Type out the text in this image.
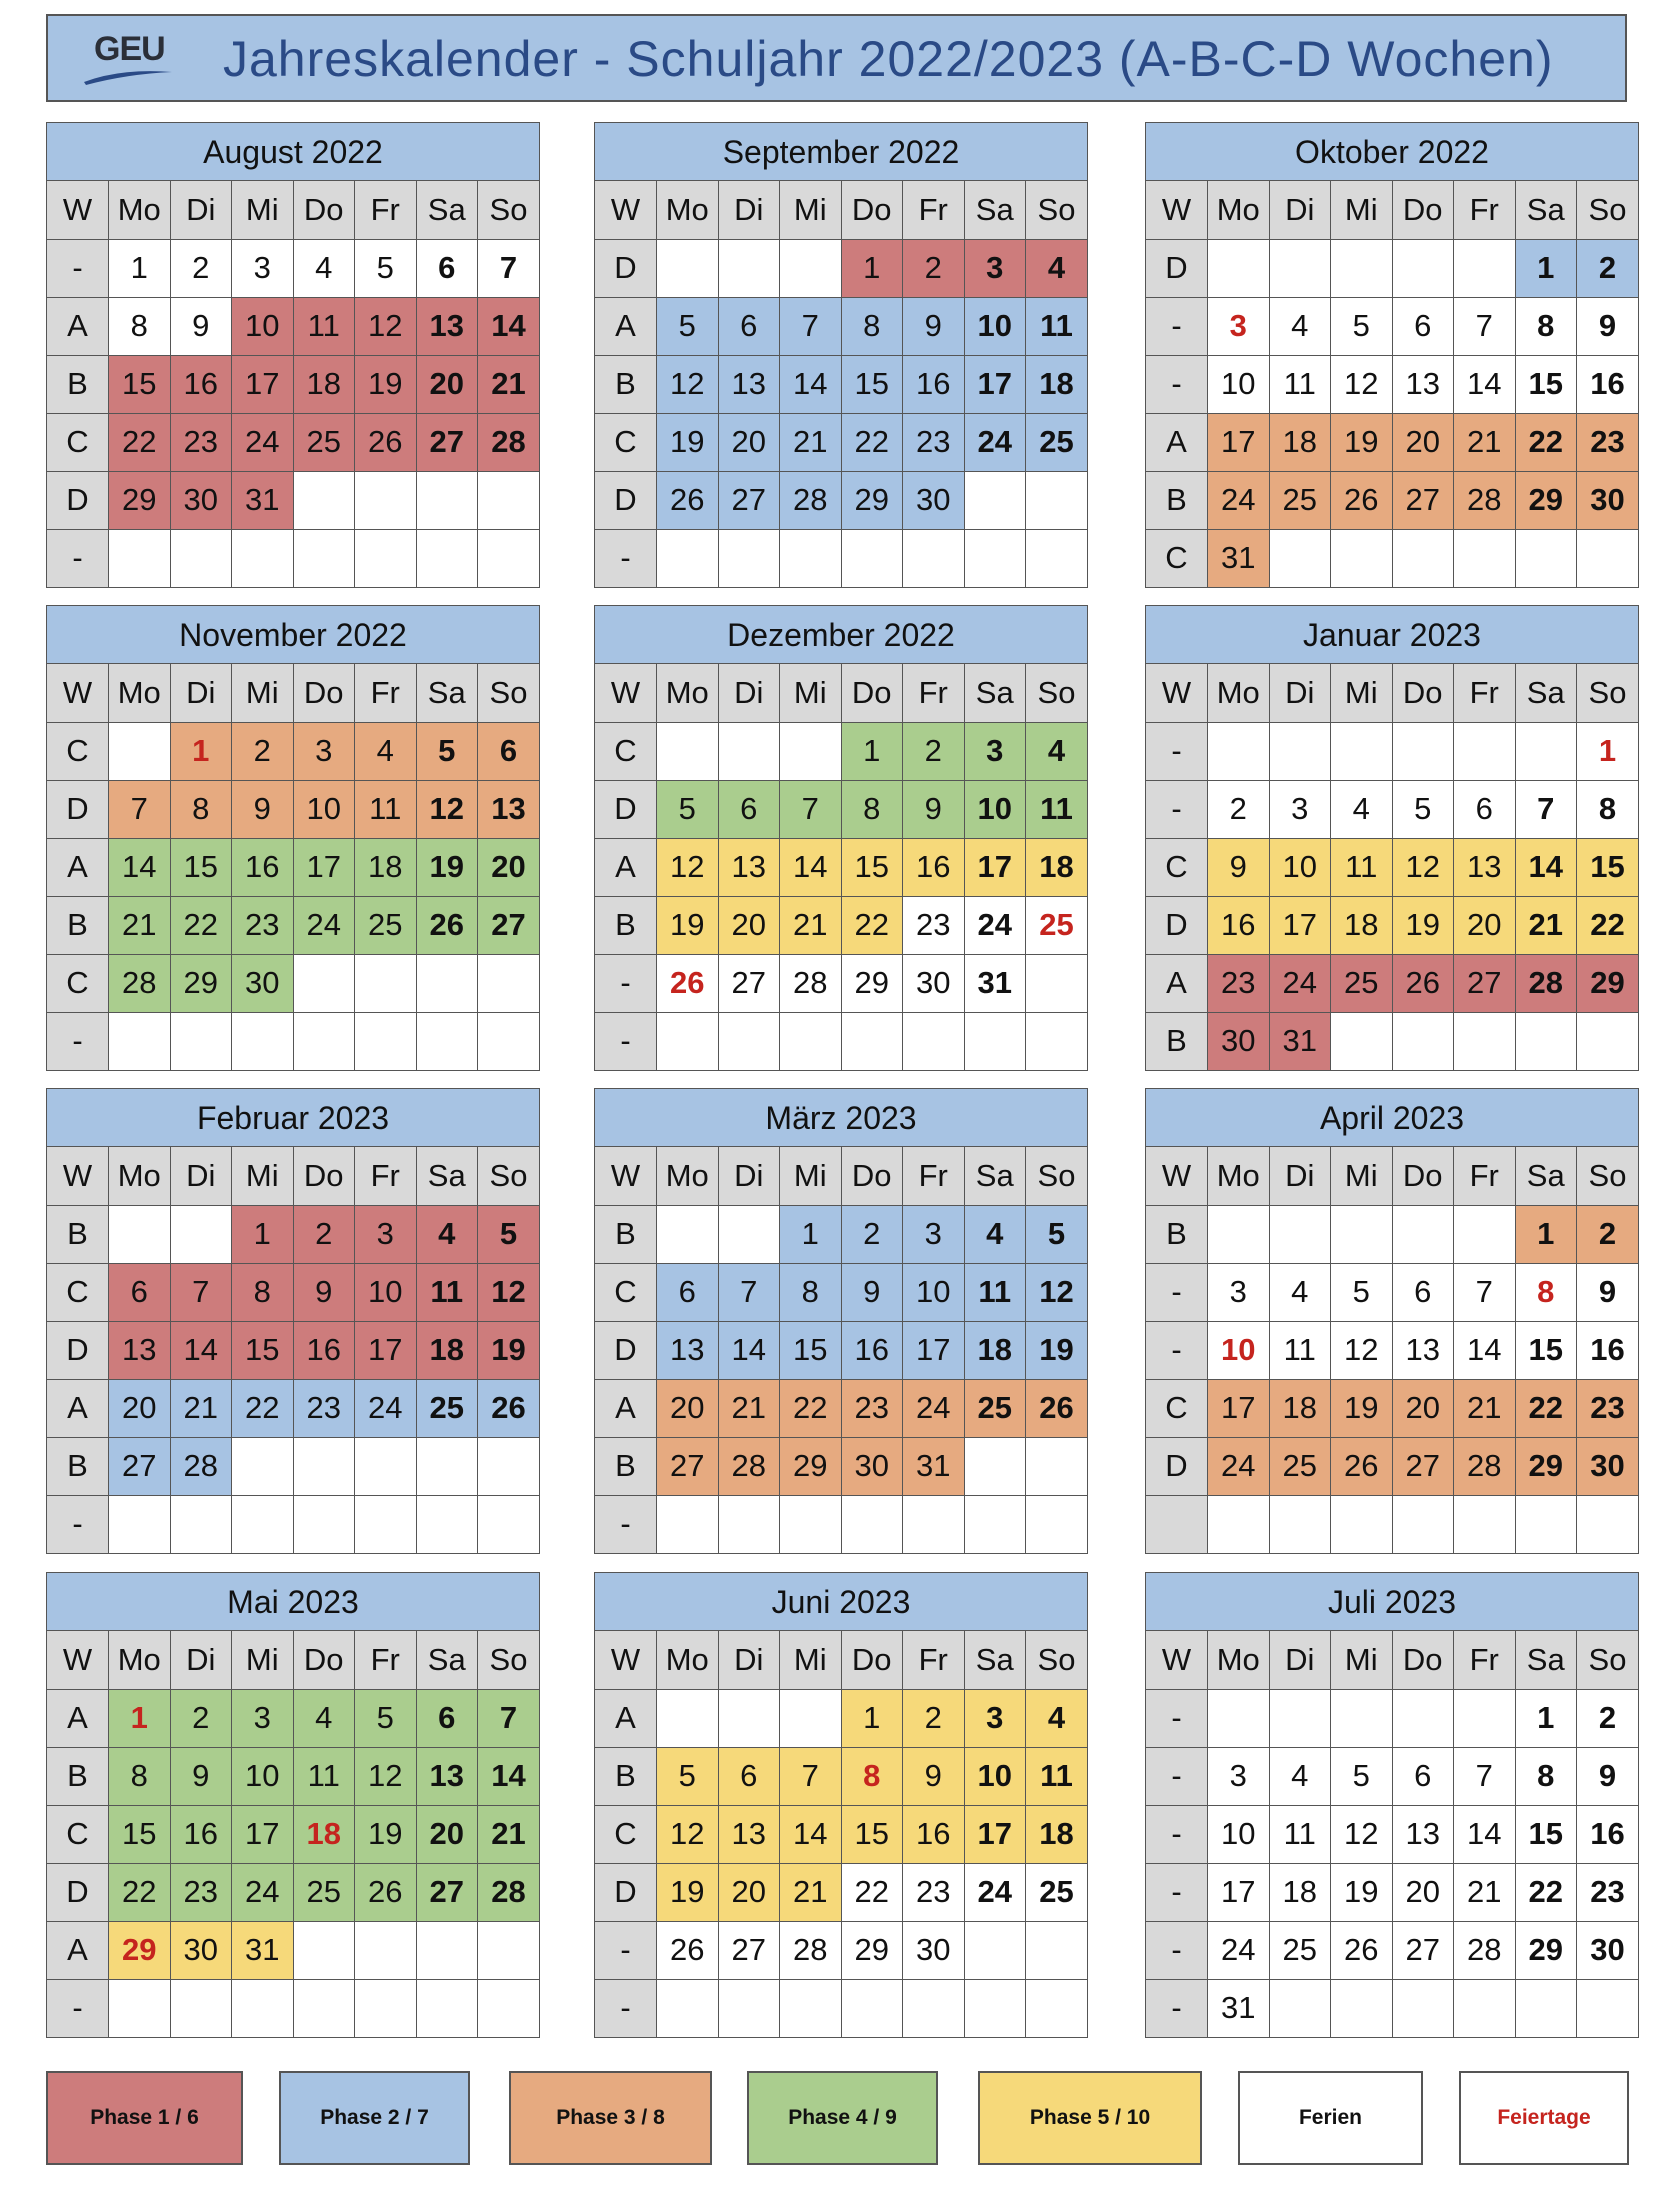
GEU Jahreskalender - Schuljahr 2022/2023 (A-B-C-D Wochen)
August 2022
W	Mo	Di	Mi	Do	Fr	Sa	So
-	1	2	3	4	5	6	7
A	8	9	10	11	12	13	14
B	15	16	17	18	19	20	21
C	22	23	24	25	26	27	28
D	29	30	31				
-							
September 2022
W	Mo	Di	Mi	Do	Fr	Sa	So
D				1	2	3	4
A	5	6	7	8	9	10	11
B	12	13	14	15	16	17	18
C	19	20	21	22	23	24	25
D	26	27	28	29	30		
-							
Oktober 2022
W	Mo	Di	Mi	Do	Fr	Sa	So
D						1	2
-	3	4	5	6	7	8	9
-	10	11	12	13	14	15	16
A	17	18	19	20	21	22	23
B	24	25	26	27	28	29	30
C	31						
November 2022
W	Mo	Di	Mi	Do	Fr	Sa	So
C		1	2	3	4	5	6
D	7	8	9	10	11	12	13
A	14	15	16	17	18	19	20
B	21	22	23	24	25	26	27
C	28	29	30				
-							
Dezember 2022
W	Mo	Di	Mi	Do	Fr	Sa	So
C				1	2	3	4
D	5	6	7	8	9	10	11
A	12	13	14	15	16	17	18
B	19	20	21	22	23	24	25
-	26	27	28	29	30	31	
-							
Januar 2023
W	Mo	Di	Mi	Do	Fr	Sa	So
-							1
-	2	3	4	5	6	7	8
C	9	10	11	12	13	14	15
D	16	17	18	19	20	21	22
A	23	24	25	26	27	28	29
B	30	31					
Februar 2023
W	Mo	Di	Mi	Do	Fr	Sa	So
B			1	2	3	4	5
C	6	7	8	9	10	11	12
D	13	14	15	16	17	18	19
A	20	21	22	23	24	25	26
B	27	28					
-							
März 2023
W	Mo	Di	Mi	Do	Fr	Sa	So
B			1	2	3	4	5
C	6	7	8	9	10	11	12
D	13	14	15	16	17	18	19
A	20	21	22	23	24	25	26
B	27	28	29	30	31		
-							
April 2023
W	Mo	Di	Mi	Do	Fr	Sa	So
B						1	2
-	3	4	5	6	7	8	9
-	10	11	12	13	14	15	16
C	17	18	19	20	21	22	23
D	24	25	26	27	28	29	30

Mai 2023
W	Mo	Di	Mi	Do	Fr	Sa	So
A	1	2	3	4	5	6	7
B	8	9	10	11	12	13	14
C	15	16	17	18	19	20	21
D	22	23	24	25	26	27	28
A	29	30	31				
-							
Juni 2023
W	Mo	Di	Mi	Do	Fr	Sa	So
A				1	2	3	4
B	5	6	7	8	9	10	11
C	12	13	14	15	16	17	18
D	19	20	21	22	23	24	25
-	26	27	28	29	30		
-							
Juli 2023
W	Mo	Di	Mi	Do	Fr	Sa	So
-						1	2
-	3	4	5	6	7	8	9
-	10	11	12	13	14	15	16
-	17	18	19	20	21	22	23
-	24	25	26	27	28	29	30
-	31						
Phase 1 / 6	Phase 2 / 7	Phase 3 / 8	Phase 4 / 9	Phase 5 / 10	Ferien	Feiertage
